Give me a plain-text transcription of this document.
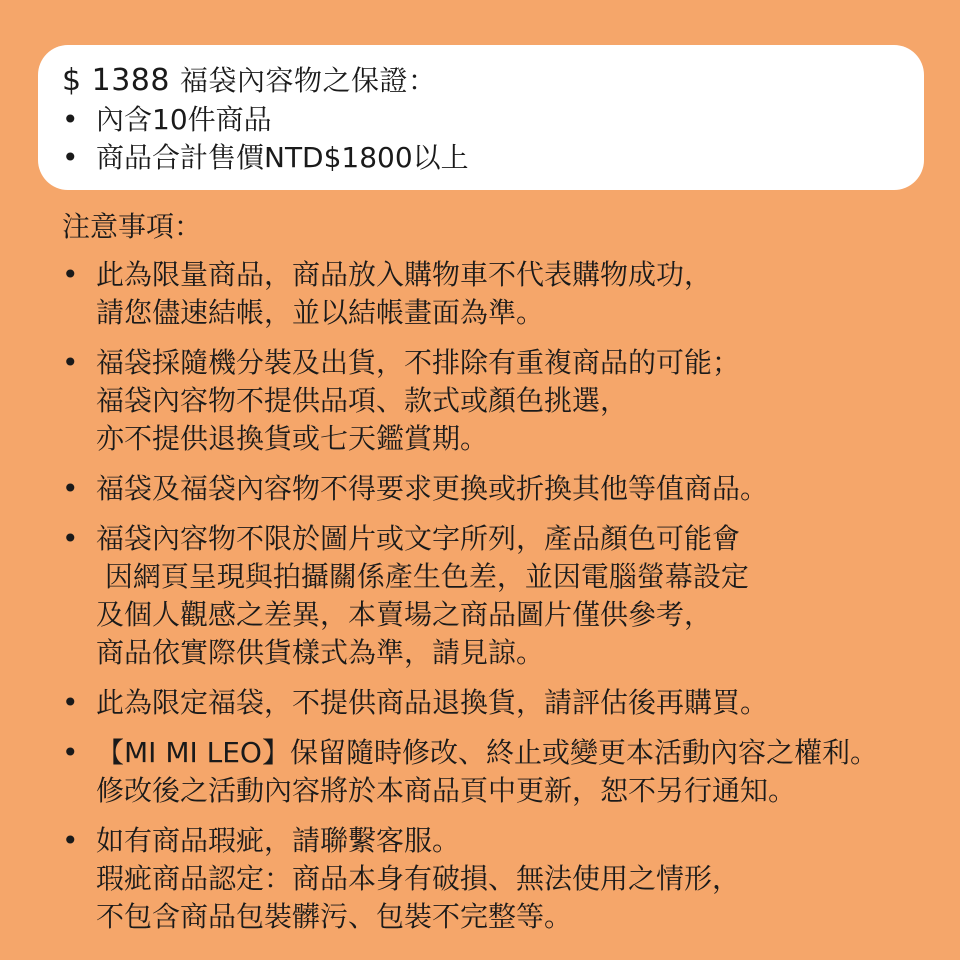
$ 1388 福袋內容物之保證：
• 內含10件商品
• 商品合計售價NTD$1800以上
注意事項：
• 此為限量商品，商品放入購物車不代表購物成功，
請您儘速結帳，並以結帳畫面為準。
• 福袋採隨機分裝及出貨，不排除有重複商品的可能；
福袋內容物不提供品項、款式或顏色挑選，
亦不提供退換貨或七天鑑賞期。
• 福袋及福袋內容物不得要求更換或折換其他等值商品。
• 福袋內容物不限於圖片或文字所列，產品顏色可能會
因網頁呈現與拍攝關係產生色差，並因電腦螢幕設定
及個人觀感之差異，本賣場之商品圖片僅供參考，
商品依實際供貨樣式為準，請見諒。
• 此為限定福袋，不提供商品退換貨，請評估後再購買。
• 【MI MI LEO】保留隨時修改、終止或變更本活動內容之權利。
修改後之活動內容將於本商品頁中更新，恕不另行通知。
• 如有商品瑕疵，請聯繫客服。
瑕疵商品認定：商品本身有破損、無法使用之情形，
不包含商品包裝髒污、包裝不完整等。
